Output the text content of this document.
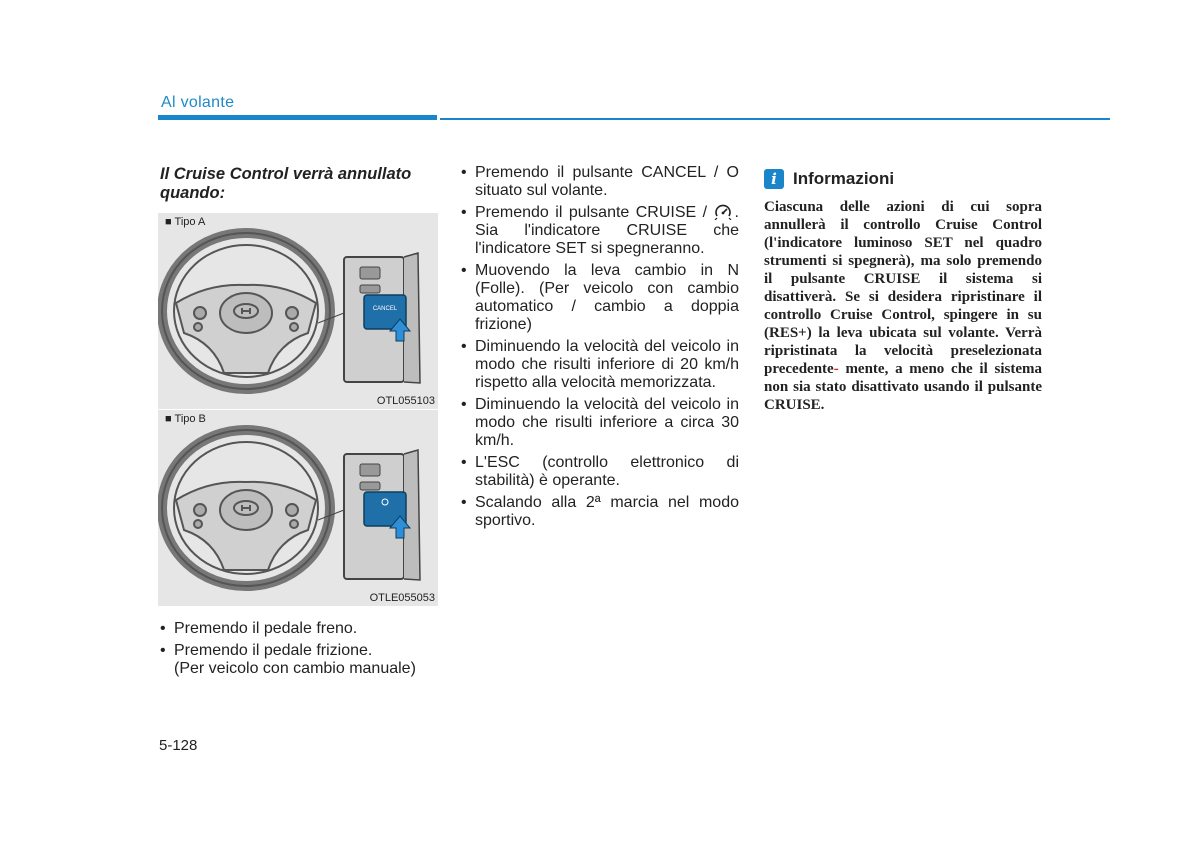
Al volante
Il Cruise Control verrà annullato quando:
CANCEL
■ Tipo A
OTL055103
■ Tipo B
OTLE055053
• Premendo il pedale freno.
• Premendo il pedale frizione.
(Per veicolo con cambio manuale)
• Premendo il pulsante CANCEL / O situato sul volante.
• Premendo il pulsante CRUISE / . Sia l'indicatore CRUISE che l'indicatore SET si spegneranno.
• Muovendo la leva cambio in N (Folle). (Per veicolo con cambio automatico / cambio a doppia frizione)
• Diminuendo la velocità del veicolo in modo che risulti inferiore di 20 km/h rispetto alla velocità memorizzata.
• Diminuendo la velocità del veicolo in modo che risulti inferiore a circa 30 km/h.
• L'ESC (controllo elettronico di stabilità) è operante.
• Scalando alla 2ª marcia nel modo sportivo.
i Informazioni
Ciascuna delle azioni di cui sopra annullerà il controllo Cruise Control (l'indicatore luminoso SET nel quadro strumenti si spegnerà), ma solo premendo il pulsante CRUISE il sistema si disattiverà. Se si desidera ripristinare il controllo Cruise Control, spingere in su (RES+) la leva ubicata sul volante. Verrà ripristinata la velocità preselezionata precedente- mente, a meno che il sistema non sia stato disattivato usando il pulsante CRUISE.
5-128
